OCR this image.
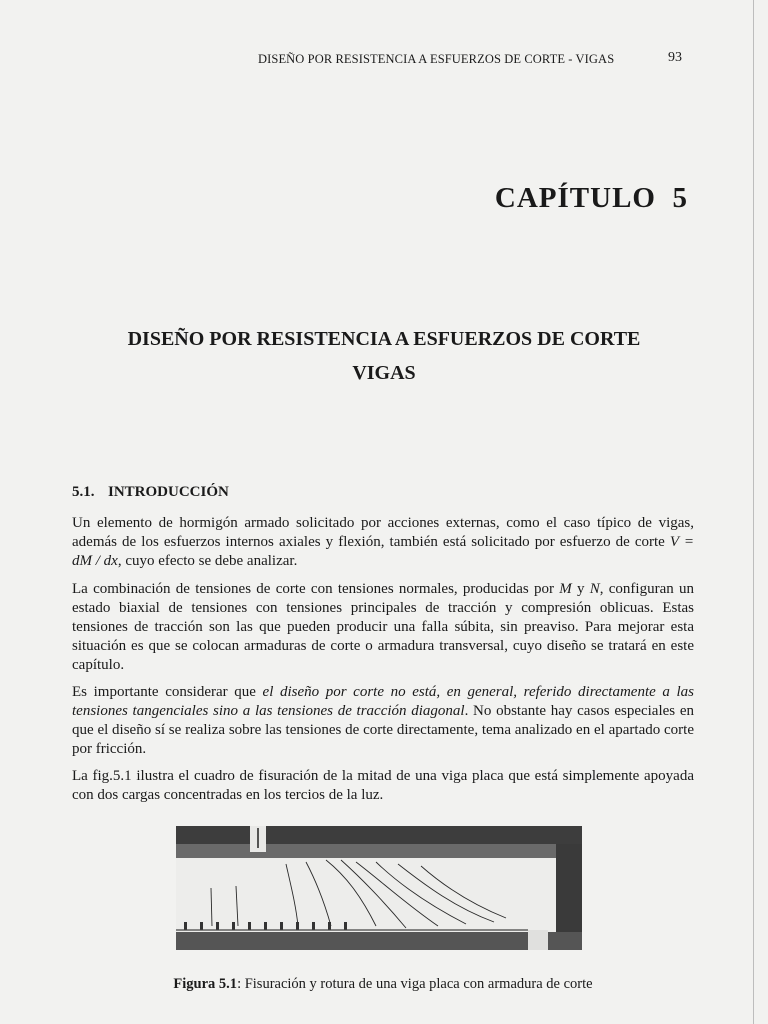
DISEÑO POR RESISTENCIA A ESFUERZOS DE CORTE - VIGAS	93
CAPÍTULO  5
DISEÑO POR RESISTENCIA A ESFUERZOS DE CORTE
VIGAS
5.1. INTRODUCCIÓN
Un elemento de hormigón armado solicitado por acciones externas, como el caso típico de vigas, además de los esfuerzos internos axiales y flexión, también está solicitado por esfuerzo de corte V = dM / dx, cuyo efecto se debe analizar.
La combinación de tensiones de corte con tensiones normales, producidas por M y N, configuran un estado biaxial de tensiones con tensiones principales de tracción y compresión oblicuas. Estas tensiones de tracción son las que pueden producir una falla súbita, sin preaviso. Para mejorar esta situación es que se colocan armaduras de corte o armadura transversal, cuyo diseño se tratará en este capítulo.
Es importante considerar que el diseño por corte no está, en general, referido directamente a las tensiones tangenciales sino a las tensiones de tracción diagonal. No obstante hay casos especiales en que el diseño sí se realiza sobre las tensiones de corte directamente, tema analizado en el apartado corte por fricción.
La fig.5.1 ilustra el cuadro de fisuración de la mitad de una viga placa que está simplemente apoyada con dos cargas concentradas en los tercios de la luz.
Figura 5.1: Fisuración y rotura de una viga placa con armadura de corte
